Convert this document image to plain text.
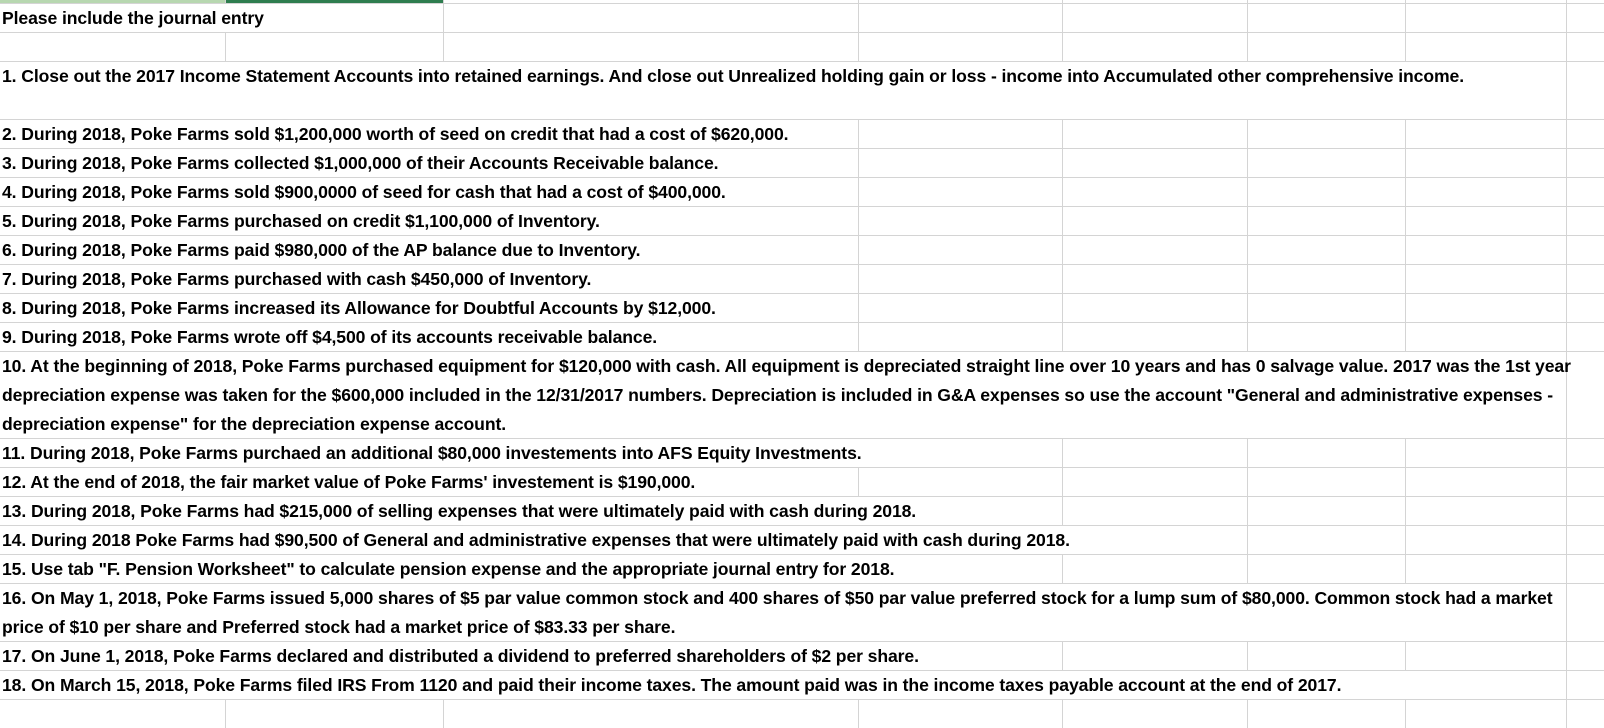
Please include the journal entry
1. Close out the 2017 Income Statement Accounts into retained earnings. And close out Unrealized holding gain or loss - income into Accumulated other comprehensive income.
2. During 2018, Poke Farms sold $1,200,000 worth of seed on credit that had a cost of $620,000.
3. During 2018, Poke Farms collected $1,000,000 of their Accounts Receivable balance.
4. During 2018, Poke Farms sold $900,0000 of seed for cash that had a cost of $400,000.
5. During 2018, Poke Farms purchased on credit $1,100,000 of Inventory.
6. During 2018, Poke Farms paid $980,000 of the AP balance due to Inventory.
7. During 2018, Poke Farms purchased with cash $450,000 of Inventory.
8. During 2018, Poke Farms increased its Allowance for Doubtful Accounts by $12,000.
9. During 2018, Poke Farms wrote off $4,500 of its accounts receivable balance.
10. At the beginning of 2018, Poke Farms purchased equipment for $120,000 with cash. All equipment is depreciated straight line over 10 years and has 0 salvage value. 2017 was the 1st year depreciation expense was taken for the $600,000 included in the 12/31/2017 numbers. Depreciation is included in G&A expenses so use the account "General and administrative expenses - depreciation expense" for the depreciation expense account.
11. During 2018, Poke Farms purchaed an additional $80,000 investements into AFS Equity Investments.
12. At the end of 2018, the fair market value of Poke Farms' investement is $190,000.
13. During 2018, Poke Farms had $215,000 of selling expenses that were ultimately paid with cash during 2018.
14. During 2018 Poke Farms had $90,500 of General and administrative expenses that were ultimately paid with cash during 2018.
15. Use tab "F. Pension Worksheet" to calculate pension expense and the appropriate journal entry for 2018.
16. On May 1, 2018, Poke Farms issued 5,000 shares of $5 par value common stock and 400 shares of $50 par value preferred stock for a lump sum of $80,000. Common stock had a market price of $10 per share and Preferred stock had a market price of $83.33 per share.
17. On June 1, 2018, Poke Farms declared and distributed a dividend to preferred shareholders of $2 per share.
18. On March 15, 2018, Poke Farms filed IRS From 1120 and paid their income taxes. The amount paid was in the income taxes payable account at the end of 2017.
